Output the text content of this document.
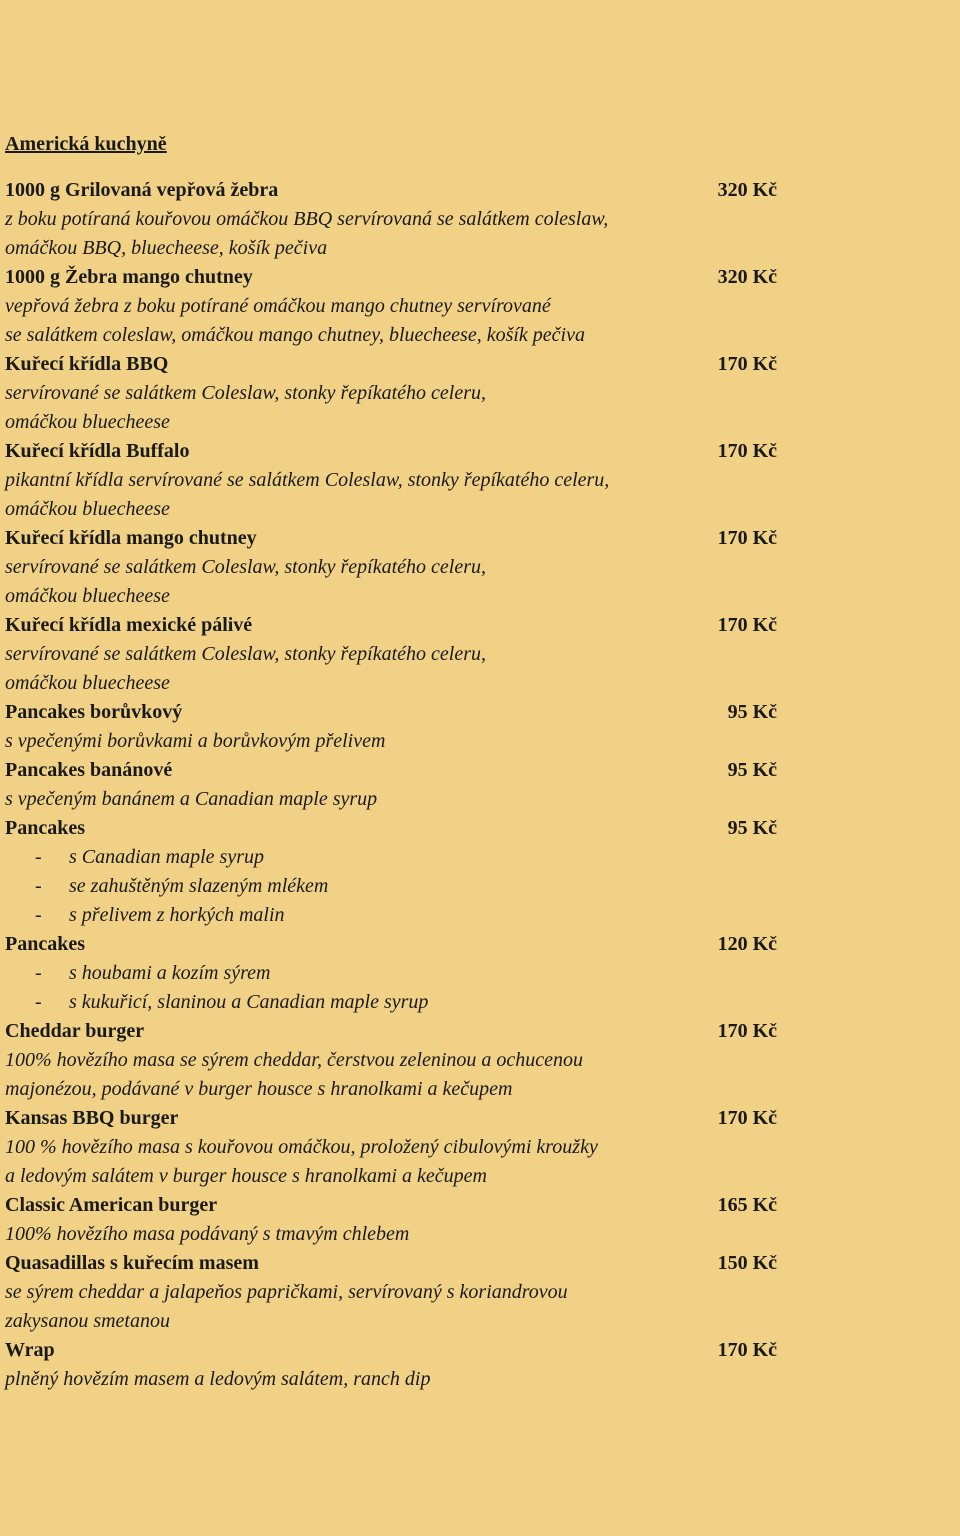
Americká kuchyně
1000 g Grilovaná vepřová žebra	320 Kč
z boku potíraná kouřovou omáčkou BBQ servírovaná se salátkem coleslaw,
omáčkou BBQ, bluecheese, košík pečiva
1000 g Žebra mango chutney	320 Kč
vepřová žebra z boku potírané omáčkou mango chutney servírované
se salátkem coleslaw, omáčkou mango chutney, bluecheese, košík pečiva
Kuřecí křídla BBQ	170 Kč
servírované se salátkem Coleslaw, stonky řepíkatého celeru,
omáčkou bluecheese
Kuřecí křídla Buffalo	170 Kč
pikantní křídla servírované se salátkem Coleslaw, stonky řepíkatého celeru,
omáčkou bluecheese
Kuřecí křídla mango chutney	170 Kč
servírované se salátkem Coleslaw, stonky řepíkatého celeru,
omáčkou bluecheese
Kuřecí křídla mexické pálivé	170 Kč
servírované se salátkem Coleslaw, stonky řepíkatého celeru,
omáčkou bluecheese
Pancakes borůvkový	95 Kč
s vpečenými borůvkami a borůvkovým přelivem
Pancakes banánové	95 Kč
s vpečeným banánem a Canadian maple syrup
Pancakes	95 Kč
- s Canadian maple syrup
- se zahuštěným slazeným mlékem
- s přelivem z horkých malin
Pancakes	120 Kč
- s houbami a kozím sýrem
- s kukuřicí, slaninou a Canadian maple syrup
Cheddar burger	170 Kč
100% hovězího masa se sýrem cheddar, čerstvou zeleninou a ochucenou
majonézou, podávané v burger housce s hranolkami a kečupem
Kansas BBQ burger	170 Kč
100 % hovězího masa s kouřovou omáčkou, proložený cibulovými kroužky
a ledovým salátem v burger housce s hranolkami a kečupem
Classic American burger	165 Kč
100% hovězího masa podávaný s tmavým chlebem
Quasadillas s kuřecím masem	150 Kč
se sýrem cheddar a jalapeňos papričkami, servírovaný s koriandrovou
zakysanou smetanou
Wrap	170 Kč
plněný hovězím masem a ledovým salátem, ranch dip
